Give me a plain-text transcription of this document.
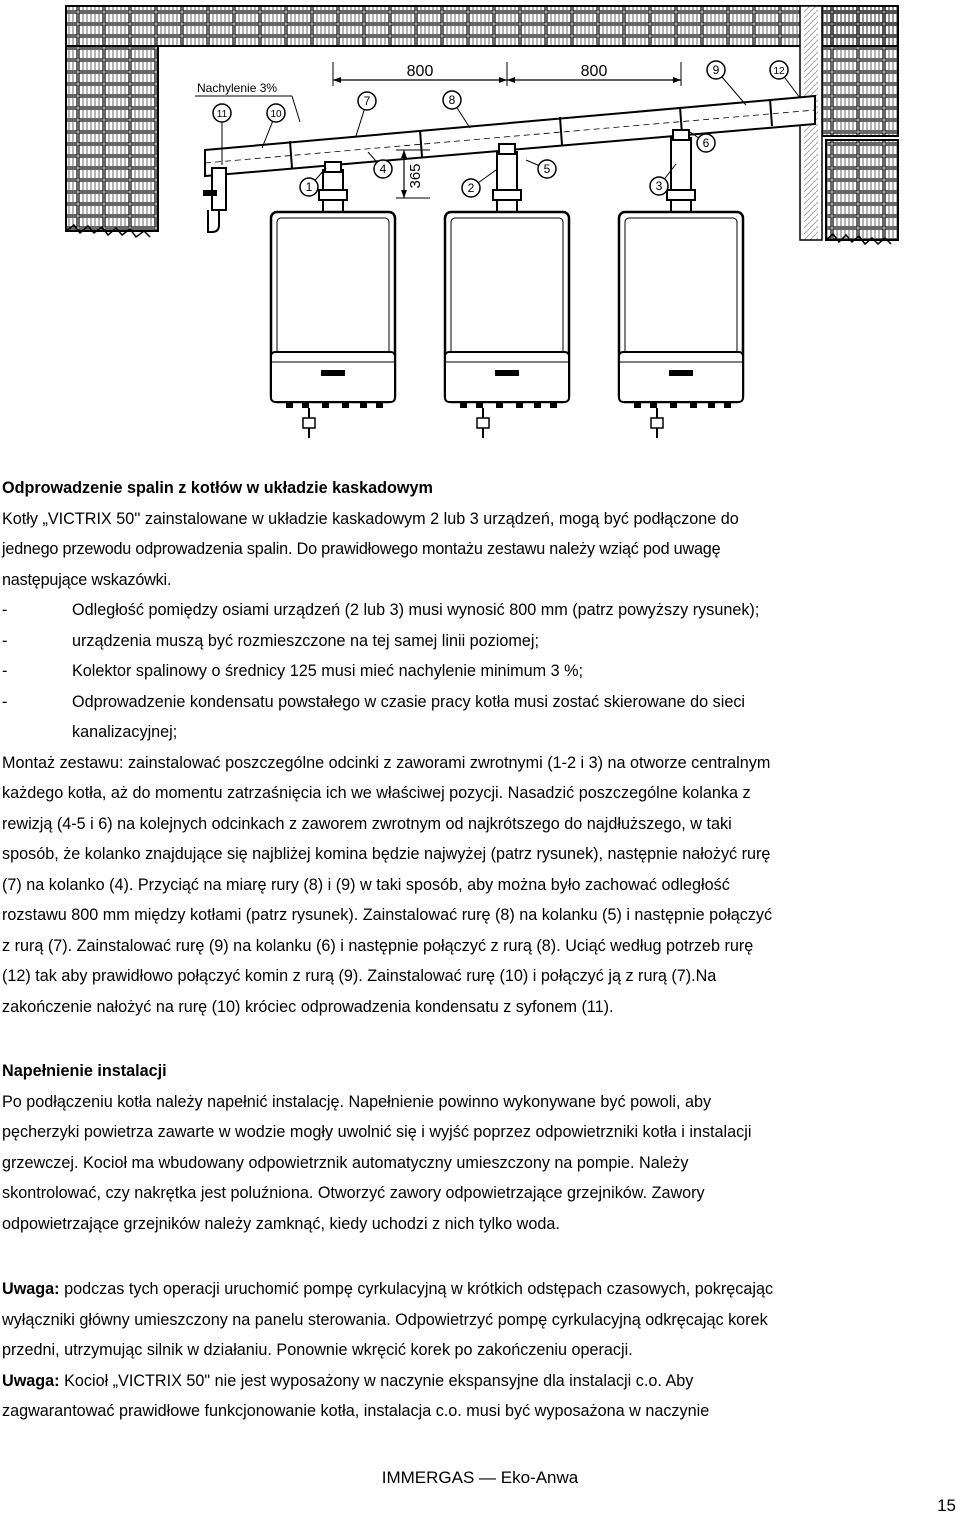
800	800
365
Nachylenie 3%
1	2	3
4	5
6
7	8
9
10
11
12

Odprowadzenie spalin z kotłów w układzie kaskadowym

Kotły „VICTRIX 50'' zainstalowane w układzie kaskadowym 2 lub 3 urządzeń, mogą być podłączone do

jednego przewodu odprowadzenia spalin. Do prawidłowego montażu zestawu należy wziąć pod uwagę

następujące wskazówki.

-	Odległość pomiędzy osiami urządzeń (2 lub 3) musi wynosić 800 mm (patrz powyższy rysunek);
-	urządzenia muszą być rozmieszczone na tej samej linii poziomej;
-	Kolektor spalinowy o średnicy 125 musi mieć nachylenie minimum 3 %;
-	Odprowadzenie kondensatu powstałego w czasie pracy kotła musi zostać skierowane do sieci
kanalizacyjnej;

Montaż zestawu: zainstalować poszczególne odcinki z zaworami zwrotnymi (1-2 i 3) na otworze centralnym

każdego kotła, aż do momentu zatrzaśnięcia ich we właściwej pozycji. Nasadzić poszczególne kolanka z

rewizją (4-5 i 6) na kolejnych odcinkach z zaworem zwrotnym od najkrótszego do najdłuższego, w taki

sposób, że kolanko znajdujące się najbliżej komina będzie najwyżej (patrz rysunek), następnie nałożyć rurę

(7) na kolanko (4). Przyciąć na miarę rury (8) i (9) w taki sposób, aby można było zachować odległość

rozstawu 800 mm między kotłami (patrz rysunek). Zainstalować rurę (8) na kolanku (5) i następnie połączyć

z rurą (7). Zainstalować rurę (9) na kolanku (6) i następnie połączyć z rurą (8). Uciąć według potrzeb rurę

(12) tak aby prawidłowo połączyć komin z rurą (9). Zainstalować rurę (10) i połączyć ją z rurą (7).Na

zakończenie nałożyć na rurę (10) króciec odprowadzenia kondensatu z syfonem (11).

Napełnienie instalacji

Po podłączeniu kotła należy napełnić instalację. Napełnienie powinno wykonywane być powoli, aby

pęcherzyki powietrza zawarte w wodzie mogły uwolnić się i wyjść poprzez odpowietrzniki kotła i instalacji

grzewczej. Kocioł ma wbudowany odpowietrznik automatyczny umieszczony na pompie. Należy

skontrolować, czy nakrętka jest poluźniona. Otworzyć zawory odpowietrzające grzejników. Zawory

odpowietrzające grzejników należy zamknąć, kiedy uchodzi z nich tylko woda.

Uwaga: podczas tych operacji uruchomić pompę cyrkulacyjną w krótkich odstępach czasowych, pokręcając

wyłączniki główny umieszczony na panelu sterowania. Odpowietrzyć pompę cyrkulacyjną odkręcając korek

przedni, utrzymując silnik w działaniu. Ponownie wkręcić korek po zakończeniu operacji.

Uwaga: Kocioł „VICTRIX 50" nie jest wyposażony w naczynie ekspansyjne dla instalacji c.o. Aby

zagwarantować prawidłowe funkcjonowanie kotła, instalacja c.o. musi być wyposażona w naczynie

IMMERGAS — Eko-Anwa
15
